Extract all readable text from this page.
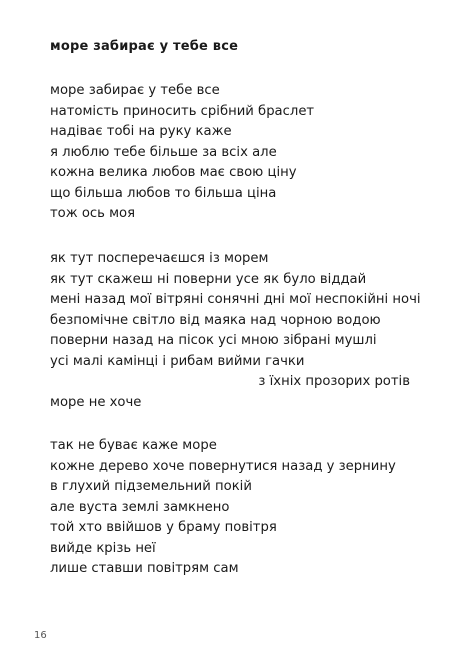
море забирає у тебе все
море забирає у тебе все
натомість приносить срібний браслет
надіває тобі на руку каже
я люблю тебе більше за всіх але
кожна велика любов має свою ціну
що більша любов то більша ціна
тож ось моя
як тут посперечаєшся із морем
як тут скажеш ні поверни усе як було віддай
мені назад мої вітряні сонячні дні мої неспокійні ночі
безпомічне світло від маяка над чорною водою
поверни назад на пісок усі мною зібрані мушлі
усі малі камінці і рибам вийми гачки
з їхніх прозорих ротів
море не хоче
так не буває каже море
кожне дерево хоче повернутися назад у зернину
в глухий підземельний покій
але вуста землі замкнено
той хто ввійшов у браму повітря
вийде крізь неї
лише ставши повітрям сам
16
